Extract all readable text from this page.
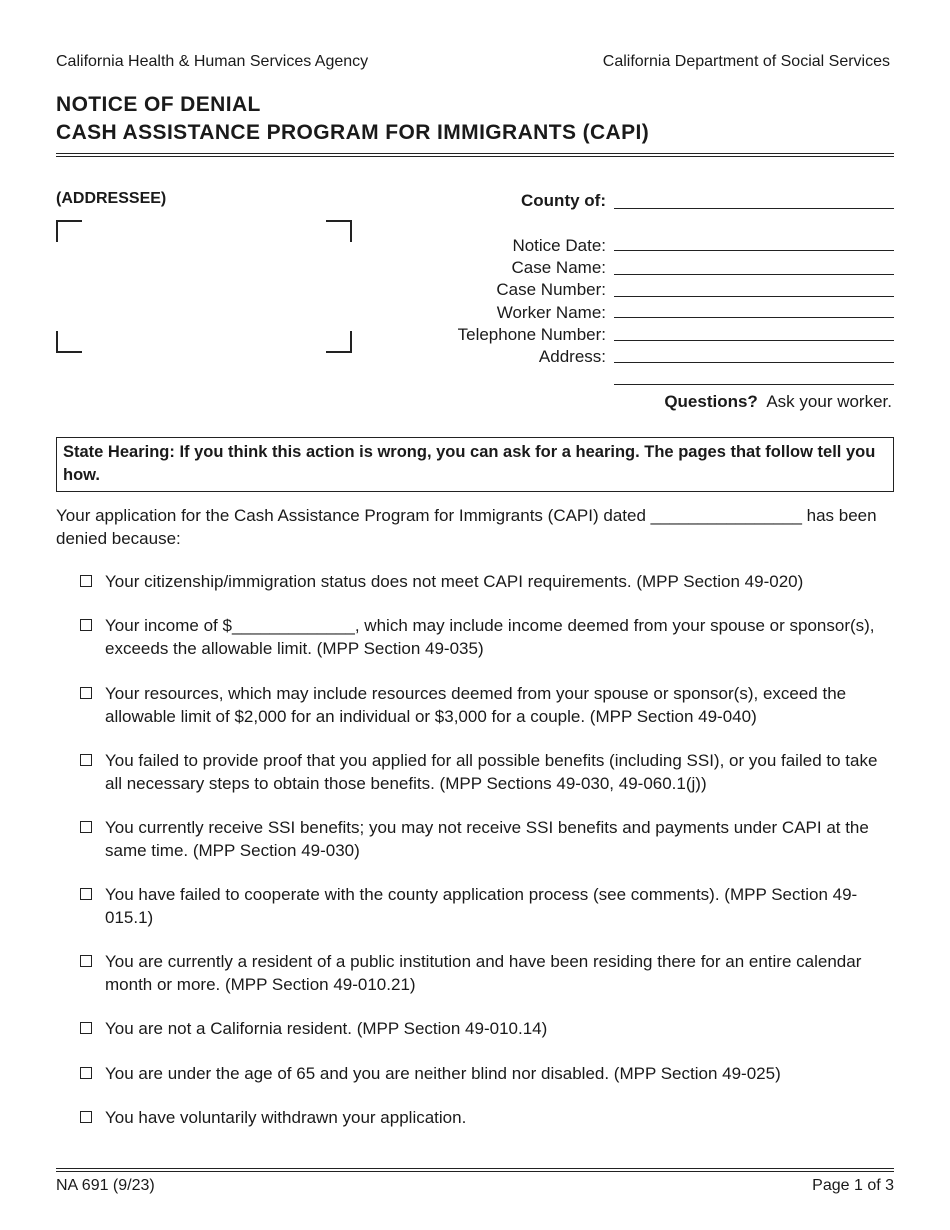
California Health & Human Services Agency	California Department of Social Services
NOTICE OF DENIAL
CASH ASSISTANCE PROGRAM FOR IMMIGRANTS (CAPI)
(ADDRESSEE)	County of:
Notice Date:
Case Name:
Case Number:
Worker Name:
Telephone Number:
Address:
Questions? Ask your worker.
State Hearing: If you think this action is wrong, you can ask for a hearing. The pages that follow tell you how.
Your application for the Cash Assistance Program for Immigrants (CAPI) dated ________________ has been denied because:
Your citizenship/immigration status does not meet CAPI requirements. (MPP Section 49-020)
Your income of $_____________, which may include income deemed from your spouse or sponsor(s), exceeds the allowable limit. (MPP Section 49-035)
Your resources, which may include resources deemed from your spouse or sponsor(s), exceed the allowable limit of $2,000 for an individual or $3,000 for a couple. (MPP Section 49-040)
You failed to provide proof that you applied for all possible benefits (including SSI), or you failed to take all necessary steps to obtain those benefits. (MPP Sections 49-030, 49-060.1(j))
You currently receive SSI benefits; you may not receive SSI benefits and payments under CAPI at the same time. (MPP Section 49-030)
You have failed to cooperate with the county application process (see comments). (MPP Section 49-015.1)
You are currently a resident of a public institution and have been residing there for an entire calendar month or more. (MPP Section 49-010.21)
You are not a California resident. (MPP Section 49-010.14)
You are under the age of 65 and you are neither blind nor disabled. (MPP Section 49-025)
You have voluntarily withdrawn your application.
NA 691 (9/23)	Page 1 of 3
